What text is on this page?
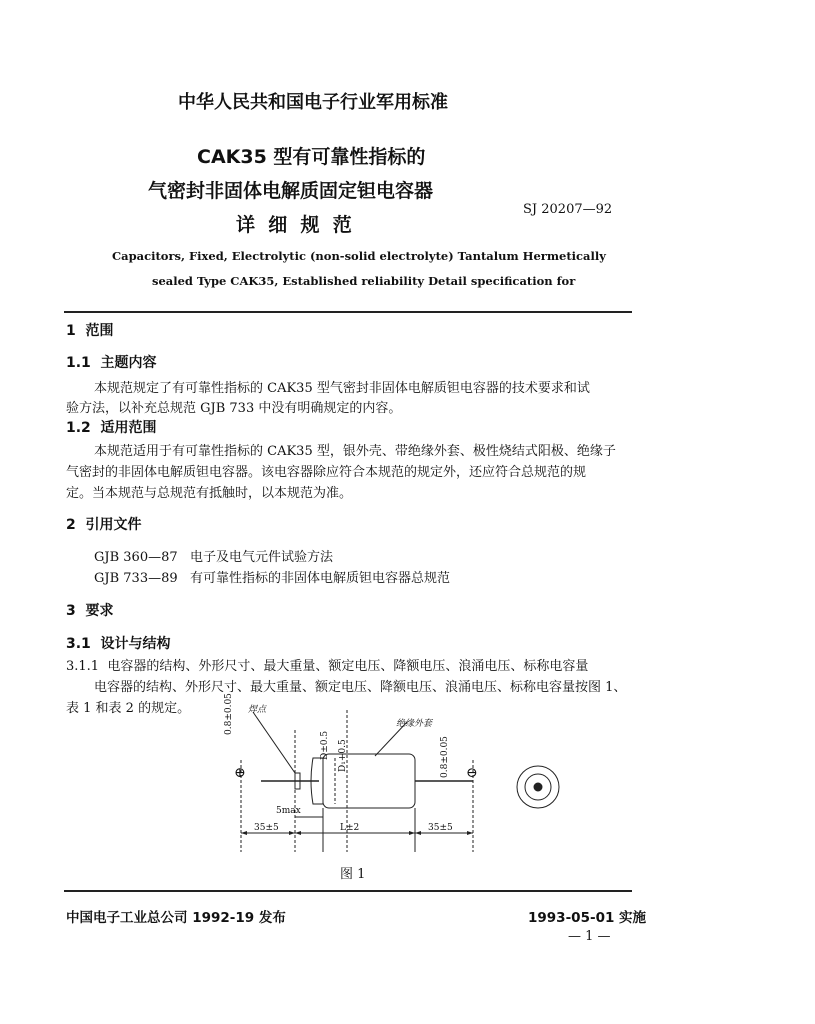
中华人民共和国电子行业军用标准
CAK35 型有可靠性指标的
气密封非固体电解质固定钽电容器
详  细  规  范
SJ 20207—92
Capacitors, Fixed, Electrolytic (non-solid electrolyte) Tantalum Hermetically
sealed Type CAK35, Established reliability Detail specification for
1  范围
1.1  主题内容
本规范规定了有可靠性指标的 CAK35 型气密封非固体电解质钽电容器的技术要求和试
验方法，以补充总规范 GJB 733 中没有明确规定的内容。
1.2  适用范围
本规范适用于有可靠性指标的 CAK35 型，银外壳、带绝缘外套、极性烧结式阳极、绝缘子
气密封的非固体电解质钽电容器。该电容器除应符合本规范的规定外，还应符合总规范的规
定。当本规范与总规范有抵触时，以本规范为准。
2  引用文件
GJB 360—87   电子及电气元件试验方法
GJB 733—89   有可靠性指标的非固体电解质钽电容器总规范
3  要求
3.1  设计与结构
3.1.1  电容器的结构、外形尺寸、最大重量、额定电压、降额电压、浪涌电压、标称电容量
电容器的结构、外形尺寸、最大重量、额定电压、降额电压、浪涌电压、标称电容量按图 1、
表 1 和表 2 的规定。	焊点
绝缘外套
0.8±0.05
D±0.5 D₁+0.5	0.8±0.05
⊕	⊖
5max
35±5	L±2	35±5
图 1
中国电子工业总公司 1992-19 发布	1993-05-01 实施
— 1 —
